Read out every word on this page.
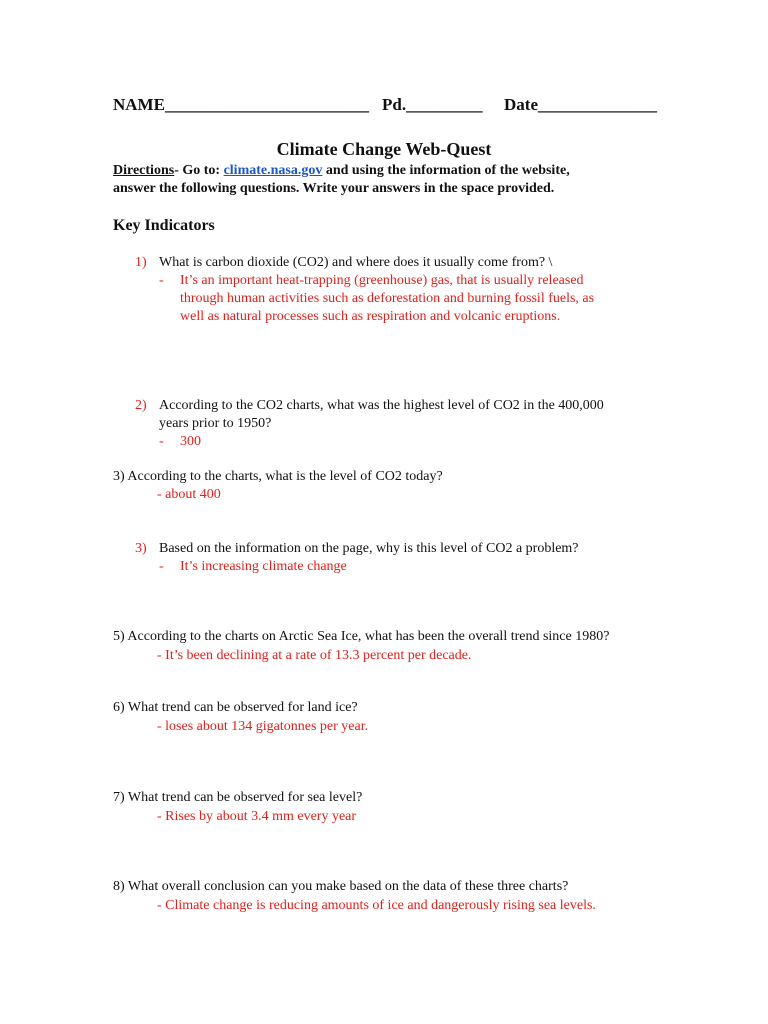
NAME________________________ Pd._________ Date______________
Climate Change Web-Quest
Directions- Go to: climate.nasa.gov and using the information of the website,
answer the following questions. Write your answers in the space provided.
Key Indicators
1) What is carbon dioxide (CO2) and where does it usually come from? \
- It’s an important heat-trapping (greenhouse) gas, that is usually released
through human activities such as deforestation and burning fossil fuels, as
well as natural processes such as respiration and volcanic eruptions.
2) According to the CO2 charts, what was the highest level of CO2 in the 400,000
years prior to 1950?
- 300
3) According to the charts, what is the level of CO2 today?
- about 400
3) Based on the information on the page, why is this level of CO2 a problem?
- It’s increasing climate change
5) According to the charts on Arctic Sea Ice, what has been the overall trend since 1980?
- It’s been declining at a rate of 13.3 percent per decade.
6) What trend can be observed for land ice?
- loses about 134 gigatonnes per year.
7) What trend can be observed for sea level?
- Rises by about 3.4 mm every year
8) What overall conclusion can you make based on the data of these three charts?
- Climate change is reducing amounts of ice and dangerously rising sea levels.
